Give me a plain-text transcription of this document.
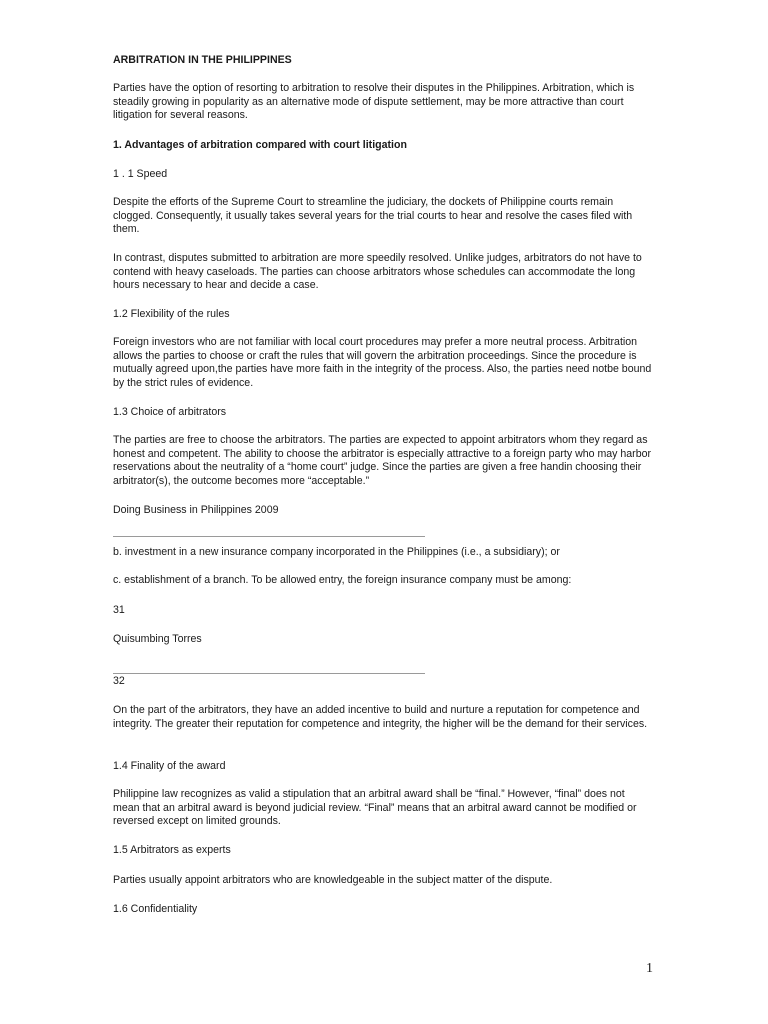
ARBITRATION IN THE PHILIPPINES

Parties have the option of resorting to arbitration to resolve their disputes in the Philippines. Arbitration, which is steadily growing in popularity as an alternative mode of dispute settlement, may be more attractive than court litigation for several reasons.

1. Advantages of arbitration compared with court litigation

1 . 1 Speed

Despite the efforts of the Supreme Court to streamline the judiciary, the dockets of Philippine courts remain clogged. Consequently, it usually takes several years for the trial courts to hear and resolve the cases filed with them.

In contrast, disputes submitted to arbitration are more speedily resolved. Unlike judges, arbitrators do not have to contend with heavy caseloads. The parties can choose arbitrators whose schedules can accommodate the long hours necessary to hear and decide a case.

1.2 Flexibility of the rules

Foreign investors who are not familiar with local court procedures may prefer a more neutral process. Arbitration allows the parties to choose or craft the rules that will govern the arbitration proceedings. Since the procedure is mutually agreed upon,the parties have more faith in the integrity of the process. Also, the parties need notbe bound by the strict rules of evidence.

1.3 Choice of arbitrators

The parties are free to choose the arbitrators. The parties are expected to appoint arbitrators whom they regard as honest and competent. The ability to choose the arbitrator is especially attractive to a foreign party who may harbor reservations about the neutrality of a “home court” judge. Since the parties are given a free handin choosing their arbitrator(s), the outcome becomes more “acceptable.”

Doing Business in Philippines 2009

b. investment in a new insurance company incorporated in the Philippines (i.e., a subsidiary); or

c. establishment of a branch. To be allowed entry, the foreign insurance company must be among:

31

Quisumbing Torres

32

On the part of the arbitrators, they have an added incentive to build and nurture a reputation for competence and integrity. The greater their reputation for competence and integrity, the higher will be the demand for their services.

1.4 Finality of the award

Philippine law recognizes as valid a stipulation that an arbitral award shall be “final.” However, “final” does not mean that an arbitral award is beyond judicial review. “Final” means that an arbitral award cannot be modified or reversed except on limited grounds.

1.5 Arbitrators as experts

Parties usually appoint arbitrators who are knowledgeable in the subject matter of the dispute.

1.6 Confidentiality

1
